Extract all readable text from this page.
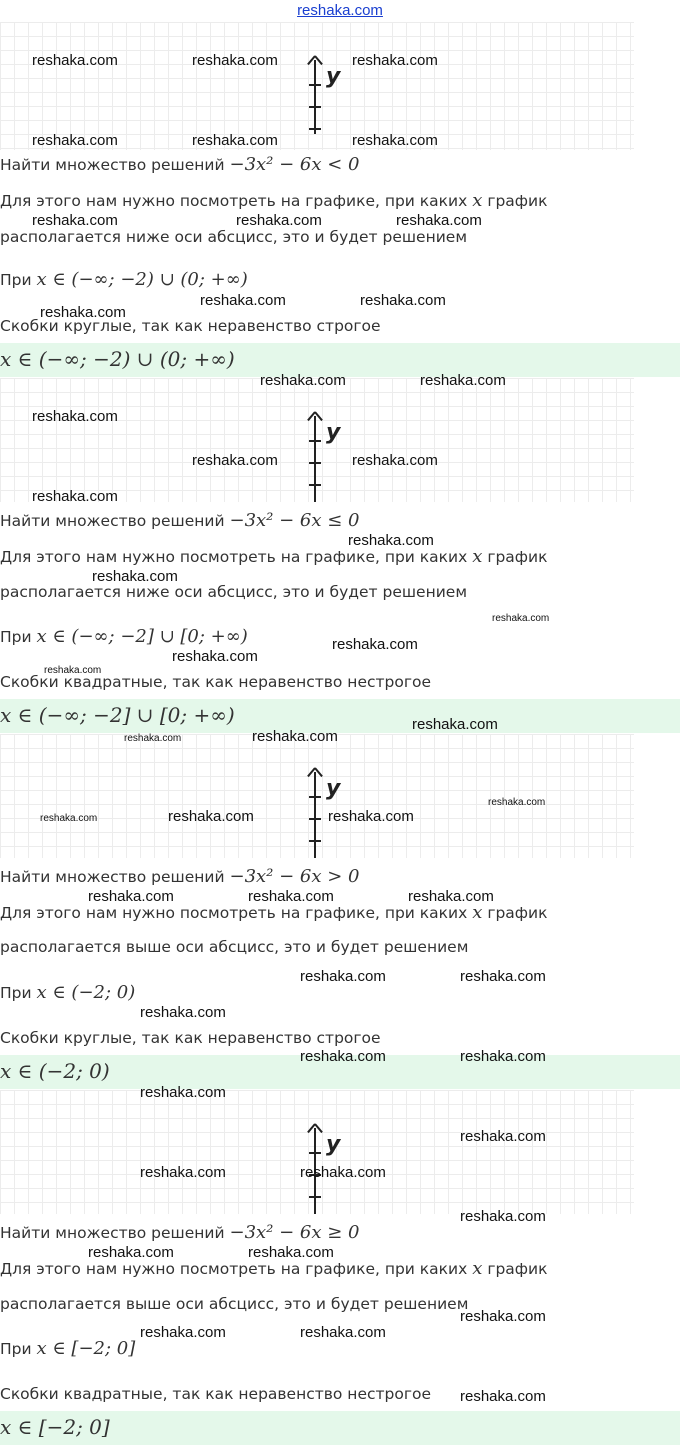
reshaka.com
y
Найти множество решений −3x² − 6x < 0
Для этого нам нужно посмотреть на графике, при каких x график
располагается ниже оси абсцисс, это и будет решением
При x ∈ (−∞; −2) ∪ (0; +∞)
Скобки круглые, так как неравенство строгое
x ∈ (−∞; −2) ∪ (0; +∞)
y
Найти множество решений −3x² − 6x ≤ 0
Для этого нам нужно посмотреть на графике, при каких x график
располагается ниже оси абсцисс, это и будет решением
При x ∈ (−∞; −2] ∪ [0; +∞)
Скобки квадратные, так как неравенство нестрогое
x ∈ (−∞; −2] ∪ [0; +∞)
y
Найти множество решений −3x² − 6x > 0
Для этого нам нужно посмотреть на графике, при каких x график
располагается выше оси абсцисс, это и будет решением
При x ∈ (−2; 0)
Скобки круглые, так как неравенство строгое
x ∈ (−2; 0)
y
Найти множество решений −3x² − 6x ≥ 0
Для этого нам нужно посмотреть на графике, при каких x график
располагается выше оси абсцисс, это и будет решением
При x ∈ [−2; 0]
Скобки квадратные, так как неравенство нестрогое
x ∈ [−2; 0]
reshaka.com	reshaka.com	reshaka.com
reshaka.com	reshaka.com	reshaka.com
reshaka.com	reshaka.com	reshaka.com
reshaka.com	reshaka.com
reshaka.com
reshaka.com	reshaka.com
reshaka.com
reshaka.com	reshaka.com
reshaka.com
reshaka.com
reshaka.com
reshaka.com
reshaka.com
reshaka.com
reshaka.com
reshaka.com
reshaka.com
reshaka.com
reshaka.com
reshaka.com	reshaka.com
reshaka.com
reshaka.com	reshaka.com	reshaka.com
reshaka.com	reshaka.com
reshaka.com
reshaka.com	reshaka.com
reshaka.com
reshaka.com
reshaka.com	reshaka.com
reshaka.com
reshaka.com	reshaka.com
reshaka.com
reshaka.com	reshaka.com
reshaka.com
